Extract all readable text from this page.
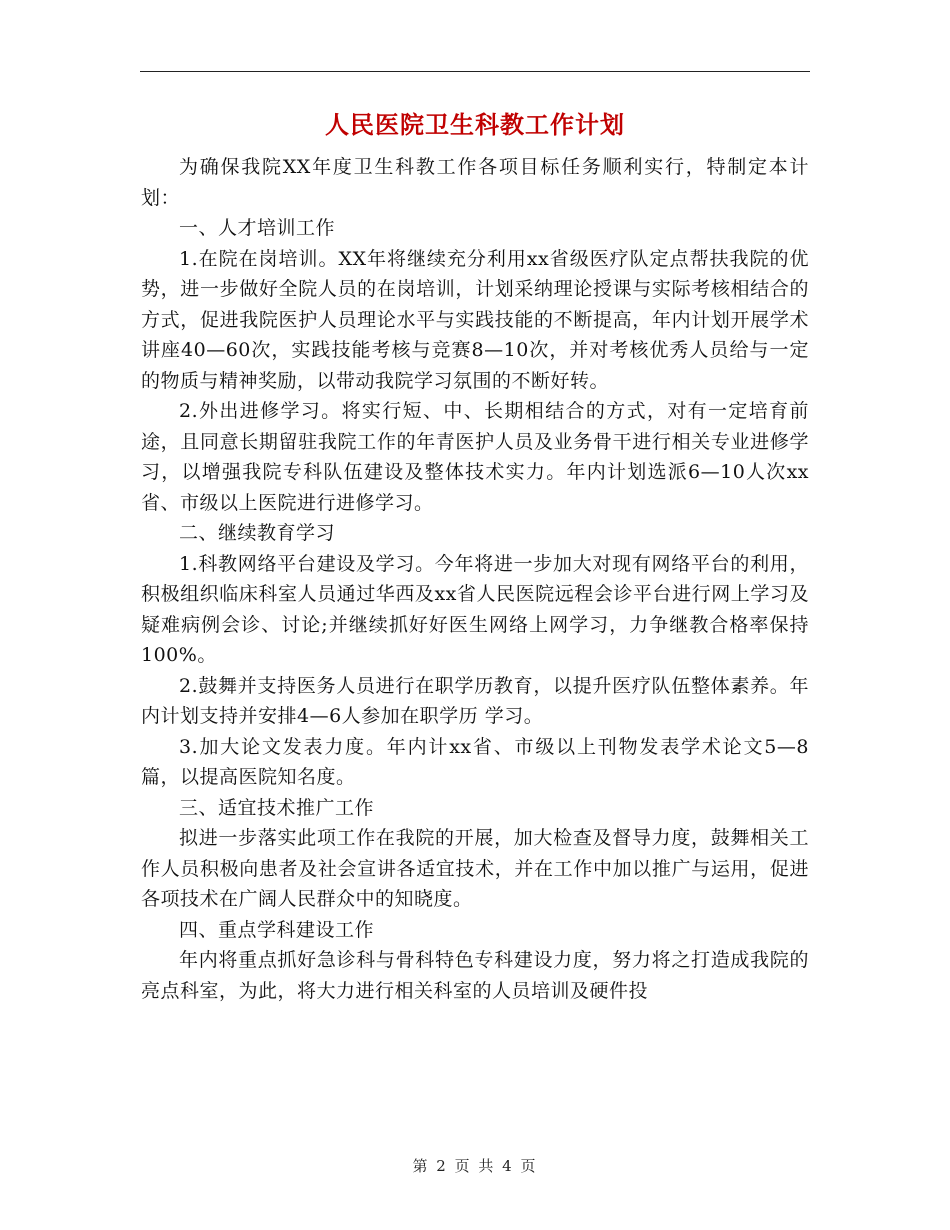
人民医院卫生科教工作计划

为确保我院XX年度卫生科教工作各项目标任务顺利实行，特制定本计划：

一、人才培训工作

1.在院在岗培训。XX年将继续充分利用xx省级医疗队定点帮扶我院的优势，进一步做好全院人员的在岗培训，计划采纳理论授课与实际考核相结合的方式，促进我院医护人员理论水平与实践技能的不断提高，年内计划开展学术讲座40—60次，实践技能考核与竞赛8—10次，并对考核优秀人员给与一定的物质与精神奖励，以带动我院学习氛围的不断好转。

2.外出进修学习。将实行短、中、长期相结合的方式，对有一定培育前途，且同意长期留驻我院工作的年青医护人员及业务骨干进行相关专业进修学习，以增强我院专科队伍建设及整体技术实力。年内计划选派6—10人次xx省、市级以上医院进行进修学习。

二、继续教育学习

1.科教网络平台建设及学习。今年将进一步加大对现有网络平台的利用，积极组织临床科室人员通过华西及xx省人民医院远程会诊平台进行网上学习及疑难病例会诊、讨论;并继续抓好好医生网络上网学习，力争继教合格率保持100%。

2.鼓舞并支持医务人员进行在职学历教育，以提升医疗队伍整体素养。年内计划支持并安排4—6人参加在职学历 学习。

3.加大论文发表力度。年内计xx省、市级以上刊物发表学术论文5—8篇，以提高医院知名度。

三、适宜技术推广工作

拟进一步落实此项工作在我院的开展，加大检查及督导力度，鼓舞相关工作人员积极向患者及社会宣讲各适宜技术，并在工作中加以推广与运用，促进各项技术在广阔人民群众中的知晓度。

四、重点学科建设工作

年内将重点抓好急诊科与骨科特色专科建设力度，努力将之打造成我院的亮点科室，为此，将大力进行相关科室的人员培训及硬件投

第 2 页 共 4 页
